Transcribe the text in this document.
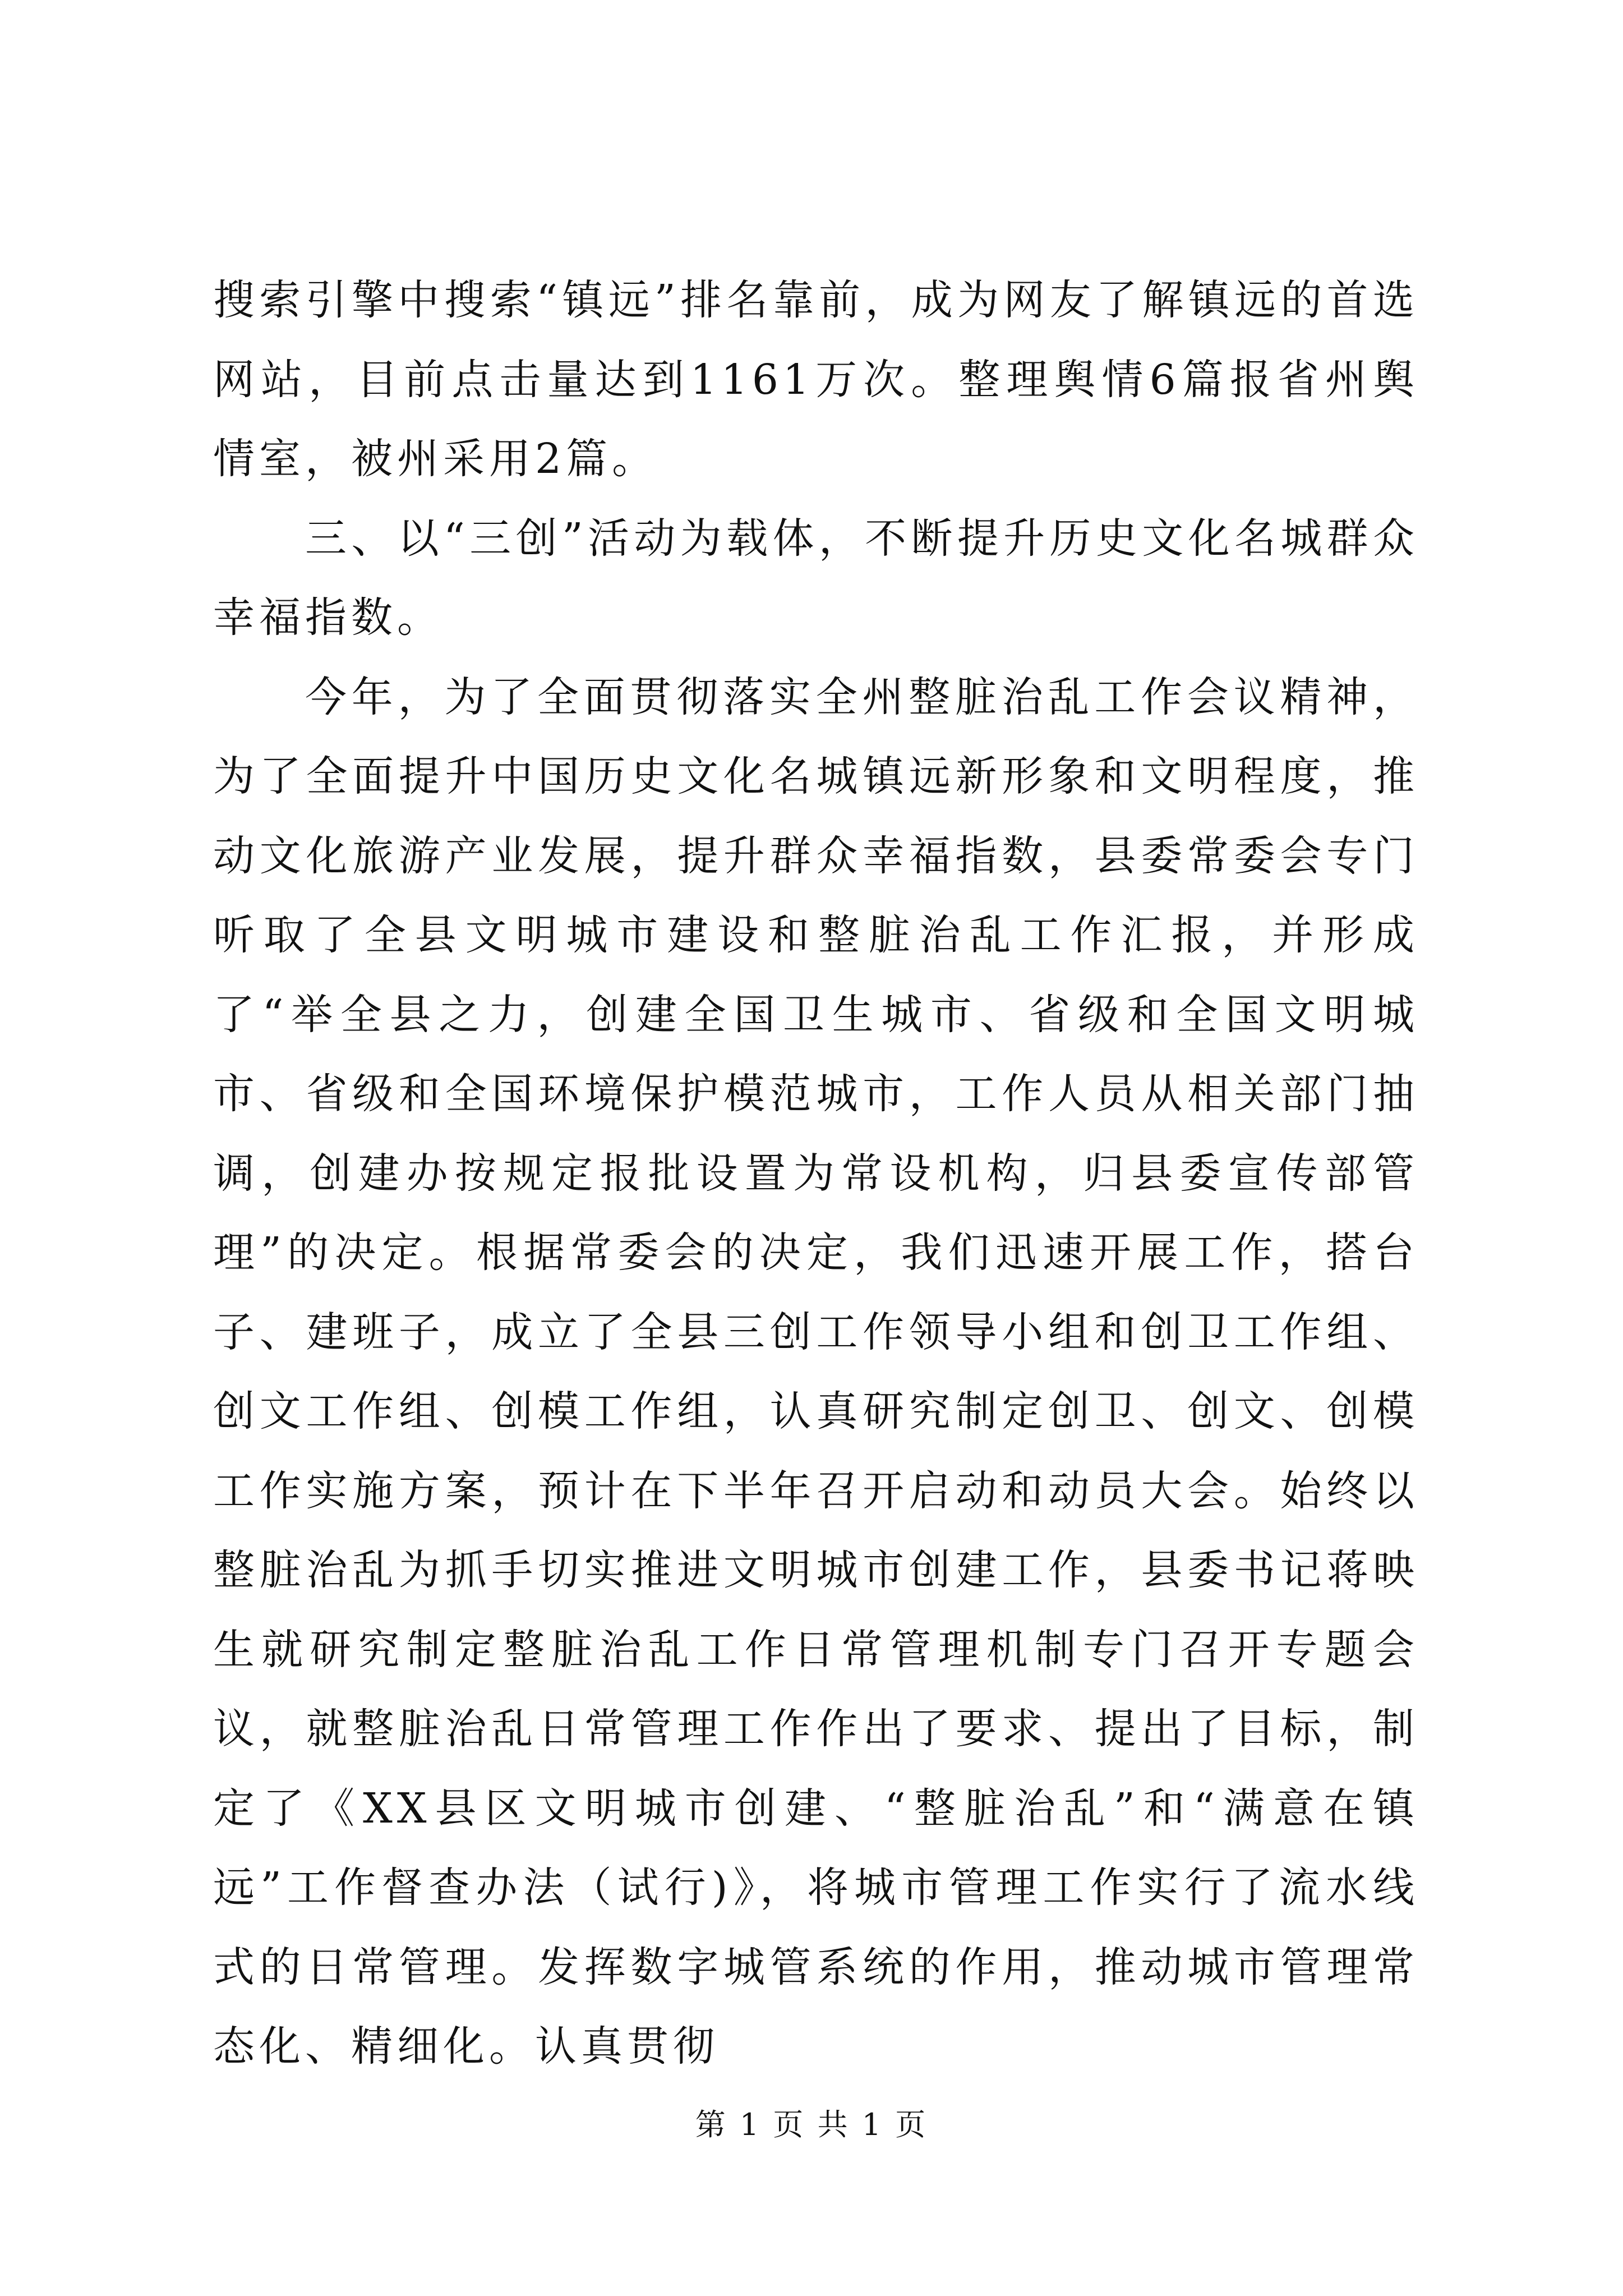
搜索引擎中搜索“镇远”排名靠前，成为网友了解镇远的首选网站，目前点击量达到1161万次。整理舆情6篇报省州舆情室，被州采用2篇。

三、以“三创”活动为载体，不断提升历史文化名城群众幸福指数。

今年，为了全面贯彻落实全州整脏治乱工作会议精神，为了全面提升中国历史文化名城镇远新形象和文明程度，推动文化旅游产业发展，提升群众幸福指数，县委常委会专门听取了全县文明城市建设和整脏治乱工作汇报，并形成了“举全县之力，创建全国卫生城市、省级和全国文明城市、省级和全国环境保护模范城市，工作人员从相关部门抽调，创建办按规定报批设置为常设机构，归县委宣传部管理”的决定。根据常委会的决定，我们迅速开展工作，搭台子、建班子，成立了全县三创工作领导小组和创卫工作组、创文工作组、创模工作组，认真研究制定创卫、创文、创模工作实施方案，预计在下半年召开启动和动员大会。始终以整脏治乱为抓手切实推进文明城市创建工作，县委书记蒋映生就研究制定整脏治乱工作日常管理机制专门召开专题会议，就整脏治乱日常管理工作作出了要求、提出了目标，制定了《XX县区文明城市创建、“整脏治乱”和“满意在镇远”工作督查办法（试行)》，将城市管理工作实行了流水线式的日常管理。发挥数字城管系统的作用，推动城市管理常态化、精细化。认真贯彻

第 1 页 共 1 页
